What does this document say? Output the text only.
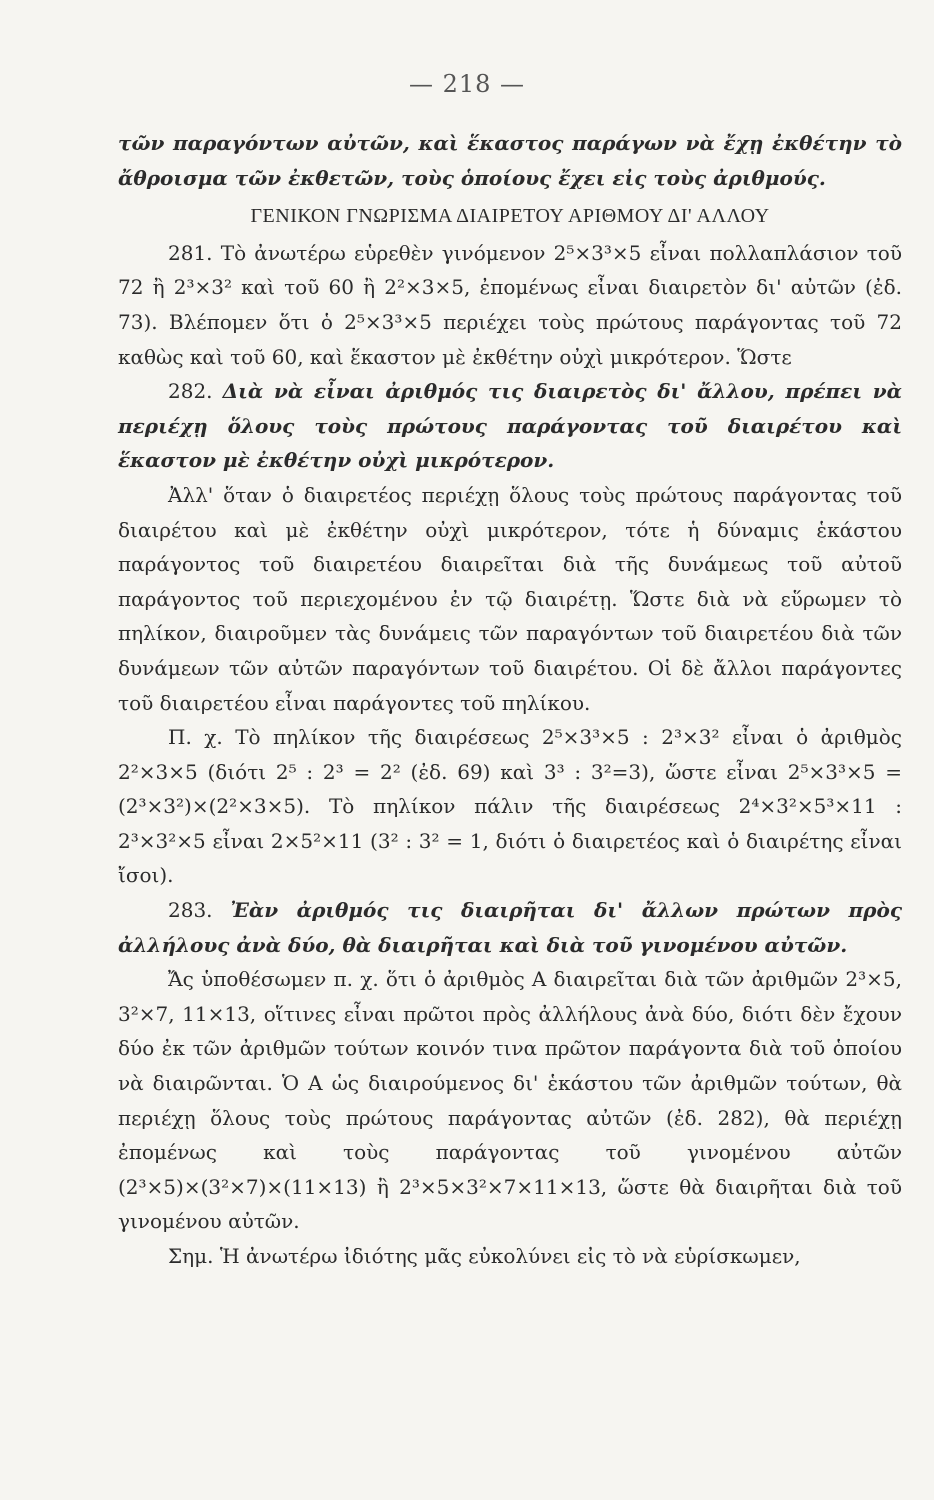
— 218 —

τῶν παραγόντων αὐτῶν, καὶ ἕκαστος παράγων νὰ ἔχῃ ἐκθέτην τὸ ἄθροισμα τῶν ἐκθετῶν, τοὺς ὁποίους ἔχει εἰς τοὺς ἀριθμούς.

ΓΕΝΙΚΟΝ ΓΝΩΡΙΣΜΑ ΔΙΑΙΡΕΤΟΥ ΑΡΙΘΜΟΥ ΔΙ' ΑΛΛΟΥ

281. Τὸ ἀνωτέρω εὑρεθὲν γινόμενον 2⁵×3³×5 εἶναι πολλαπλάσιον τοῦ 72 ἢ 2³×3² καὶ τοῦ 60 ἢ 2²×3×5, ἐπομένως εἶναι διαιρετὸν δι' αὐτῶν (ἐδ. 73). Βλέπομεν ὅτι ὁ 2⁵×3³×5 περιέχει τοὺς πρώτους παράγοντας τοῦ 72 καθὼς καὶ τοῦ 60, καὶ ἕκαστον μὲ ἐκθέτην οὐχὶ μικρότερον. Ὥστε

282. Διὰ νὰ εἶναι ἀριθμός τις διαιρετὸς δι' ἄλλου, πρέπει νὰ περιέχῃ ὅλους τοὺς πρώτους παράγοντας τοῦ διαιρέτου καὶ ἕκαστον μὲ ἐκθέτην οὐχὶ μικρότερον.

Ἀλλ' ὅταν ὁ διαιρετέος περιέχῃ ὅλους τοὺς πρώτους παράγοντας τοῦ διαιρέτου καὶ μὲ ἐκθέτην οὐχὶ μικρότερον, τότε ἡ δύναμις ἑκάστου παράγοντος τοῦ διαιρετέου διαιρεῖται διὰ τῆς δυνάμεως τοῦ αὐτοῦ παράγοντος τοῦ περιεχομένου ἐν τῷ διαιρέτῃ. Ὥστε διὰ νὰ εὕρωμεν τὸ πηλίκον, διαιροῦμεν τὰς δυνάμεις τῶν παραγόντων τοῦ διαιρετέου διὰ τῶν δυνάμεων τῶν αὐτῶν παραγόντων τοῦ διαιρέτου. Οἱ δὲ ἄλλοι παράγοντες τοῦ διαιρετέου εἶναι παράγοντες τοῦ πηλίκου.

Π. χ. Τὸ πηλίκον τῆς διαιρέσεως 2⁵×3³×5 : 2³×3² εἶναι ὁ ἀριθμὸς 2²×3×5 (διότι 2⁵ : 2³ = 2² (ἐδ. 69) καὶ 3³ : 3²=3), ὥστε εἶναι 2⁵×3³×5 = (2³×3²)×(2²×3×5). Τὸ πηλίκον πάλιν τῆς διαιρέσεως 2⁴×3²×5³×11 : 2³×3²×5 εἶναι 2×5²×11 (3² : 3² = 1, διότι ὁ διαιρετέος καὶ ὁ διαιρέτης εἶναι ἴσοι).

283. Ἐὰν ἀριθμός τις διαιρῆται δι' ἄλλων πρώτων πρὸς ἀλλήλους ἀνὰ δύο, θὰ διαιρῆται καὶ διὰ τοῦ γινομένου αὐτῶν.

Ἄς ὑποθέσωμεν π. χ. ὅτι ὁ ἀριθμὸς Α διαιρεῖται διὰ τῶν ἀριθμῶν 2³×5, 3²×7, 11×13, οἵτινες εἶναι πρῶτοι πρὸς ἀλλήλους ἀνὰ δύο, διότι δὲν ἔχουν δύο ἐκ τῶν ἀριθμῶν τούτων κοινόν τινα πρῶτον παράγοντα διὰ τοῦ ὁποίου νὰ διαιρῶνται. Ὁ Α ὡς διαιρούμενος δι' ἑκάστου τῶν ἀριθμῶν τούτων, θὰ περιέχῃ ὅλους τοὺς πρώτους παράγοντας αὐτῶν (ἐδ. 282), θὰ περιέχῃ ἐπομένως καὶ τοὺς παράγοντας τοῦ γινομένου αὐτῶν (2³×5)×(3²×7)×(11×13) ἢ 2³×5×3²×7×11×13, ὥστε θὰ διαιρῆται διὰ τοῦ γινομένου αὐτῶν.

Σημ. Ἡ ἀνωτέρω ἰδιότης μᾶς εὐκολύνει εἰς τὸ νὰ εὑρίσκωμεν,
